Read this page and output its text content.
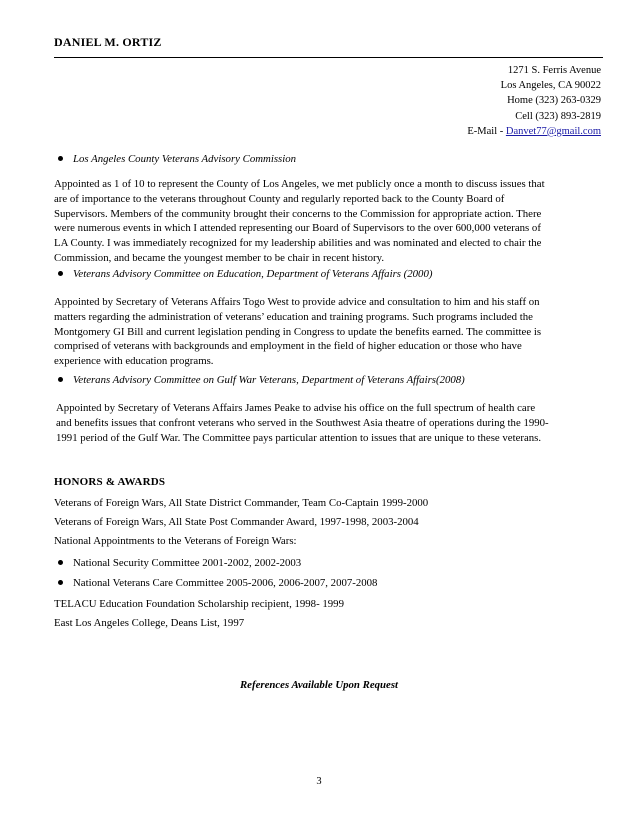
DANIEL M. ORTIZ
1271 S. Ferris Avenue
Los Angeles, CA 90022
Home (323) 263-0329
Cell (323) 893-2819
E-Mail - Danvet77@gmail.com
Los Angeles County Veterans Advisory Commission
Appointed as 1 of 10 to represent the County of Los Angeles, we met publicly once a month to discuss issues that
are of importance to the veterans throughout County and regularly reported back to the County Board of
Supervisors. Members of the community brought their concerns to the Commission for appropriate action. There
were numerous events in which I attended representing our Board of Supervisors to the over 600,000 veterans of
LA County. I was immediately recognized for my leadership abilities and was nominated and elected to chair the
Commission, and became the youngest member to be chair in recent history.
Veterans Advisory Committee on Education, Department of Veterans Affairs (2000)
Appointed by Secretary of Veterans Affairs Togo West to provide advice and consultation to him and his staff on
matters regarding the administration of veterans’ education and training programs. Such programs included the
Montgomery GI Bill and current legislation pending in Congress to update the benefits earned. The committee is
comprised of veterans with backgrounds and employment in the field of higher education or those who have
experience with education programs.
Veterans Advisory Committee on Gulf War Veterans, Department of Veterans Affairs(2008)
Appointed by Secretary of Veterans Affairs James Peake to advise his office on the full spectrum of health care
and benefits issues that confront veterans who served in the Southwest Asia theatre of operations during the 1990-
1991 period of the Gulf War. The Committee pays particular attention to issues that are unique to these veterans.
HONORS & AWARDS
Veterans of Foreign Wars, All State District Commander, Team Co-Captain 1999-2000
Veterans of Foreign Wars, All State Post Commander Award, 1997-1998, 2003-2004
National Appointments to the Veterans of Foreign Wars:
National Security Committee 2001-2002, 2002-2003
National Veterans Care Committee 2005-2006, 2006-2007, 2007-2008
TELACU Education Foundation Scholarship recipient, 1998- 1999
East Los Angeles College, Deans List, 1997
References Available Upon Request
3
